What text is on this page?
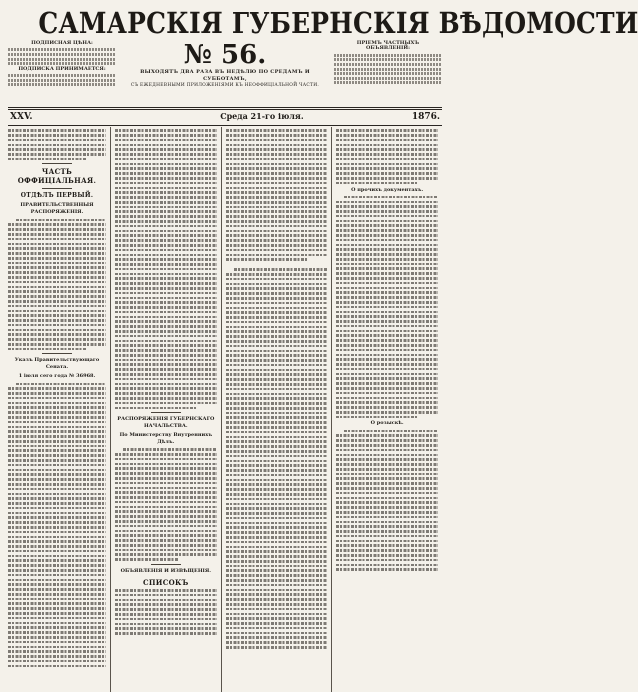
САМАРСКІЯ ГУБЕРНСКІЯ ВѢДОМОСТИ
ПОДПИСНАЯ ЦѢНА:
ПОДПИСКА ПРИНИМАЕТСЯ:	№ 56.
ВЫХОДЯТЪ ДВА РАЗА ВЪ НЕДѢЛЮ ПО СРЕДАМЪ И СУББОТАМЪ,
СЪ ЕЖЕДНЕВНЫМИ ПРИЛОЖЕНІЯМИ КЪ НЕОФФИЦІАЛЬНОЙ ЧАСТИ.
ПРІЕМЪ ЧАСТНЫХЪ ОБЪЯВЛЕНІЙ:
XXV.	Среда 21-го іюля.	1876.
ЧАСТЬ ОФФИЦІАЛЬНАЯ.
ОТДѢЛЪ ПЕРВЫЙ.
ПРАВИТЕЛЬСТВЕННЫЯ РАСПОРЯЖЕНІЯ.
Указъ Правительствующаго Сената.
1 іюля сего года № 36968.
РАСПОРЯЖЕНІЯ ГУБЕРНСКАГО НАЧАЛЬСТВА.
По Министерству Внутреннихъ Дѣлъ.
ОБЪЯВЛЕНІЯ И ИЗВѢЩЕНІЯ.
СПИСОКЪ
О прочихъ документахъ.
О розыскѣ.
